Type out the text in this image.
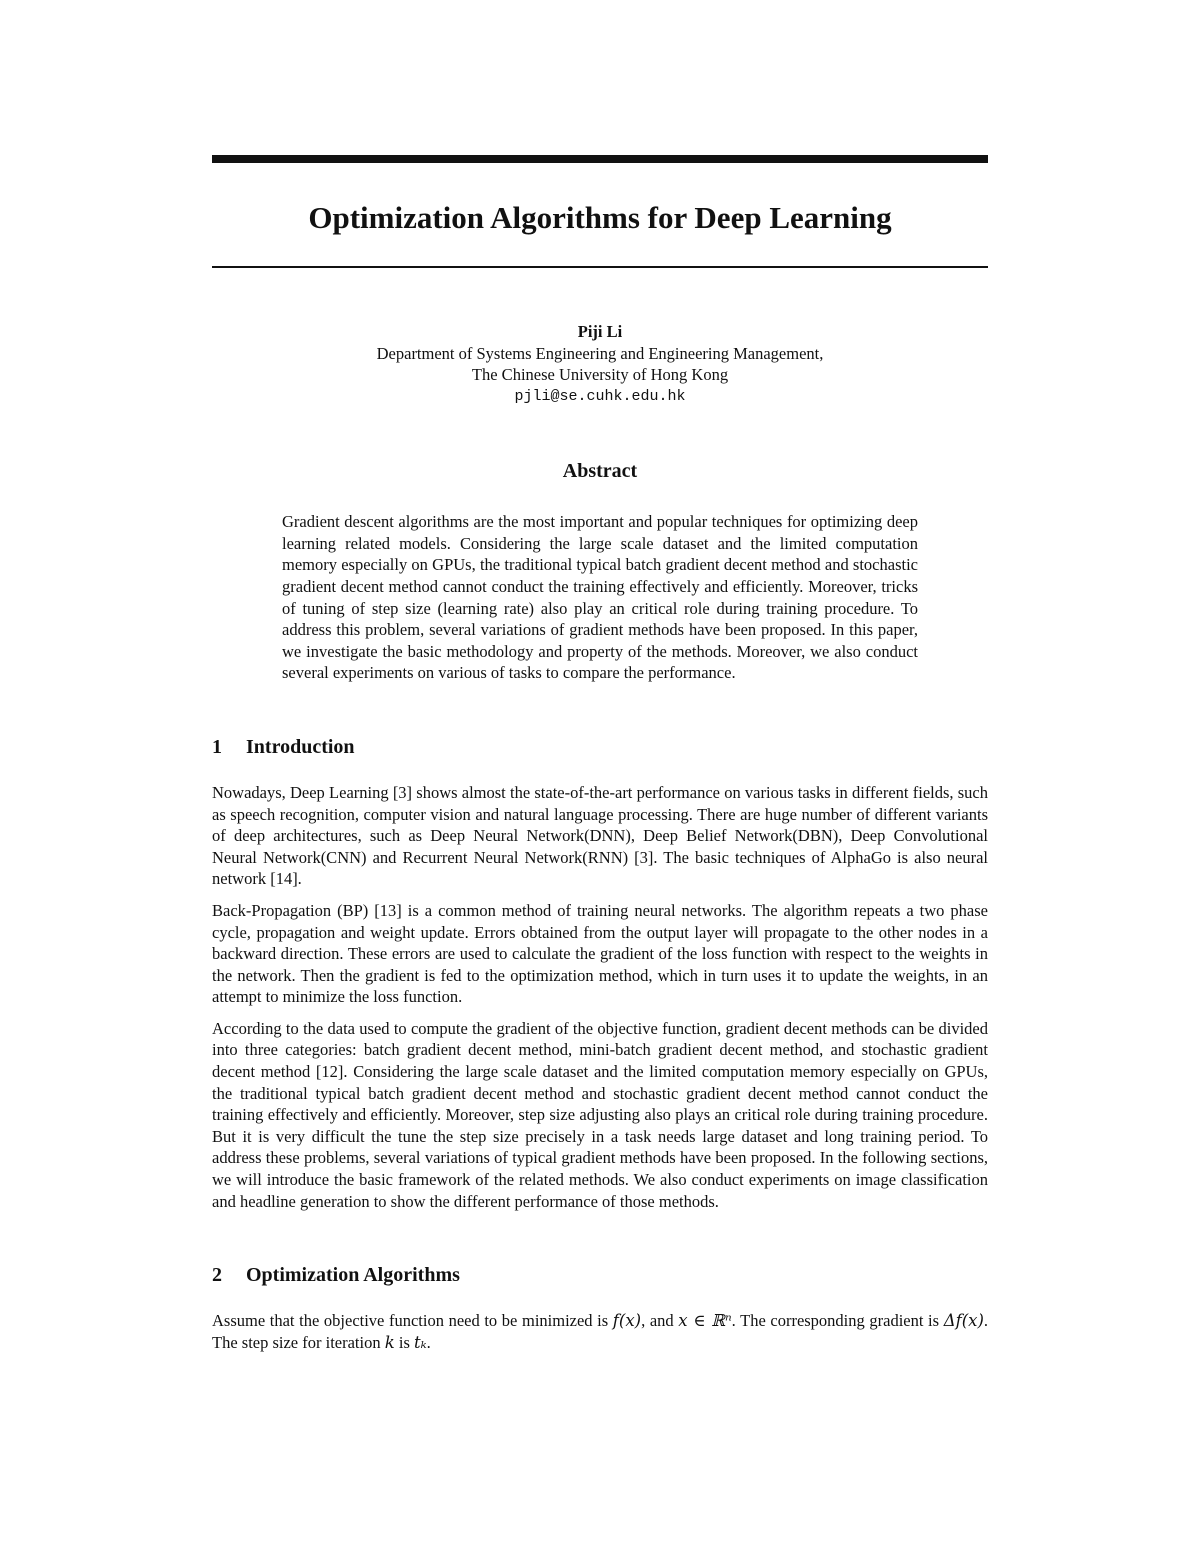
Optimization Algorithms for Deep Learning
Piji Li
Department of Systems Engineering and Engineering Management,
The Chinese University of Hong Kong
pjli@se.cuhk.edu.hk
Abstract
Gradient descent algorithms are the most important and popular techniques for optimizing deep learning related models. Considering the large scale dataset and the limited computation memory especially on GPUs, the traditional typical batch gradient decent method and stochastic gradient decent method cannot conduct the training effectively and efficiently. Moreover, tricks of tuning of step size (learning rate) also play an critical role during training procedure. To address this problem, several variations of gradient methods have been proposed. In this paper, we investigate the basic methodology and property of the methods. Moreover, we also conduct several experiments on various of tasks to compare the performance.
1	Introduction
Nowadays, Deep Learning [3] shows almost the state-of-the-art performance on various tasks in different fields, such as speech recognition, computer vision and natural language processing. There are huge number of different variants of deep architectures, such as Deep Neural Network(DNN), Deep Belief Network(DBN), Deep Convolutional Neural Network(CNN) and Recurrent Neural Network(RNN) [3]. The basic techniques of AlphaGo is also neural network [14].
Back-Propagation (BP) [13] is a common method of training neural networks. The algorithm repeats a two phase cycle, propagation and weight update. Errors obtained from the output layer will propagate to the other nodes in a backward direction. These errors are used to calculate the gradient of the loss function with respect to the weights in the network. Then the gradient is fed to the optimization method, which in turn uses it to update the weights, in an attempt to minimize the loss function.
According to the data used to compute the gradient of the objective function, gradient decent methods can be divided into three categories: batch gradient decent method, mini-batch gradient decent method, and stochastic gradient decent method [12]. Considering the large scale dataset and the limited computation memory especially on GPUs, the traditional typical batch gradient decent method and stochastic gradient decent method cannot conduct the training effectively and efficiently. Moreover, step size adjusting also plays an critical role during training procedure. But it is very difficult the tune the step size precisely in a task needs large dataset and long training period. To address these problems, several variations of typical gradient methods have been proposed. In the following sections, we will introduce the basic framework of the related methods. We also conduct experiments on image classification and headline generation to show the different performance of those methods.
2	Optimization Algorithms
Assume that the objective function need to be minimized is f(x), and x ∈ ℝⁿ. The corresponding gradient is Δf(x). The step size for iteration k is tₖ.
